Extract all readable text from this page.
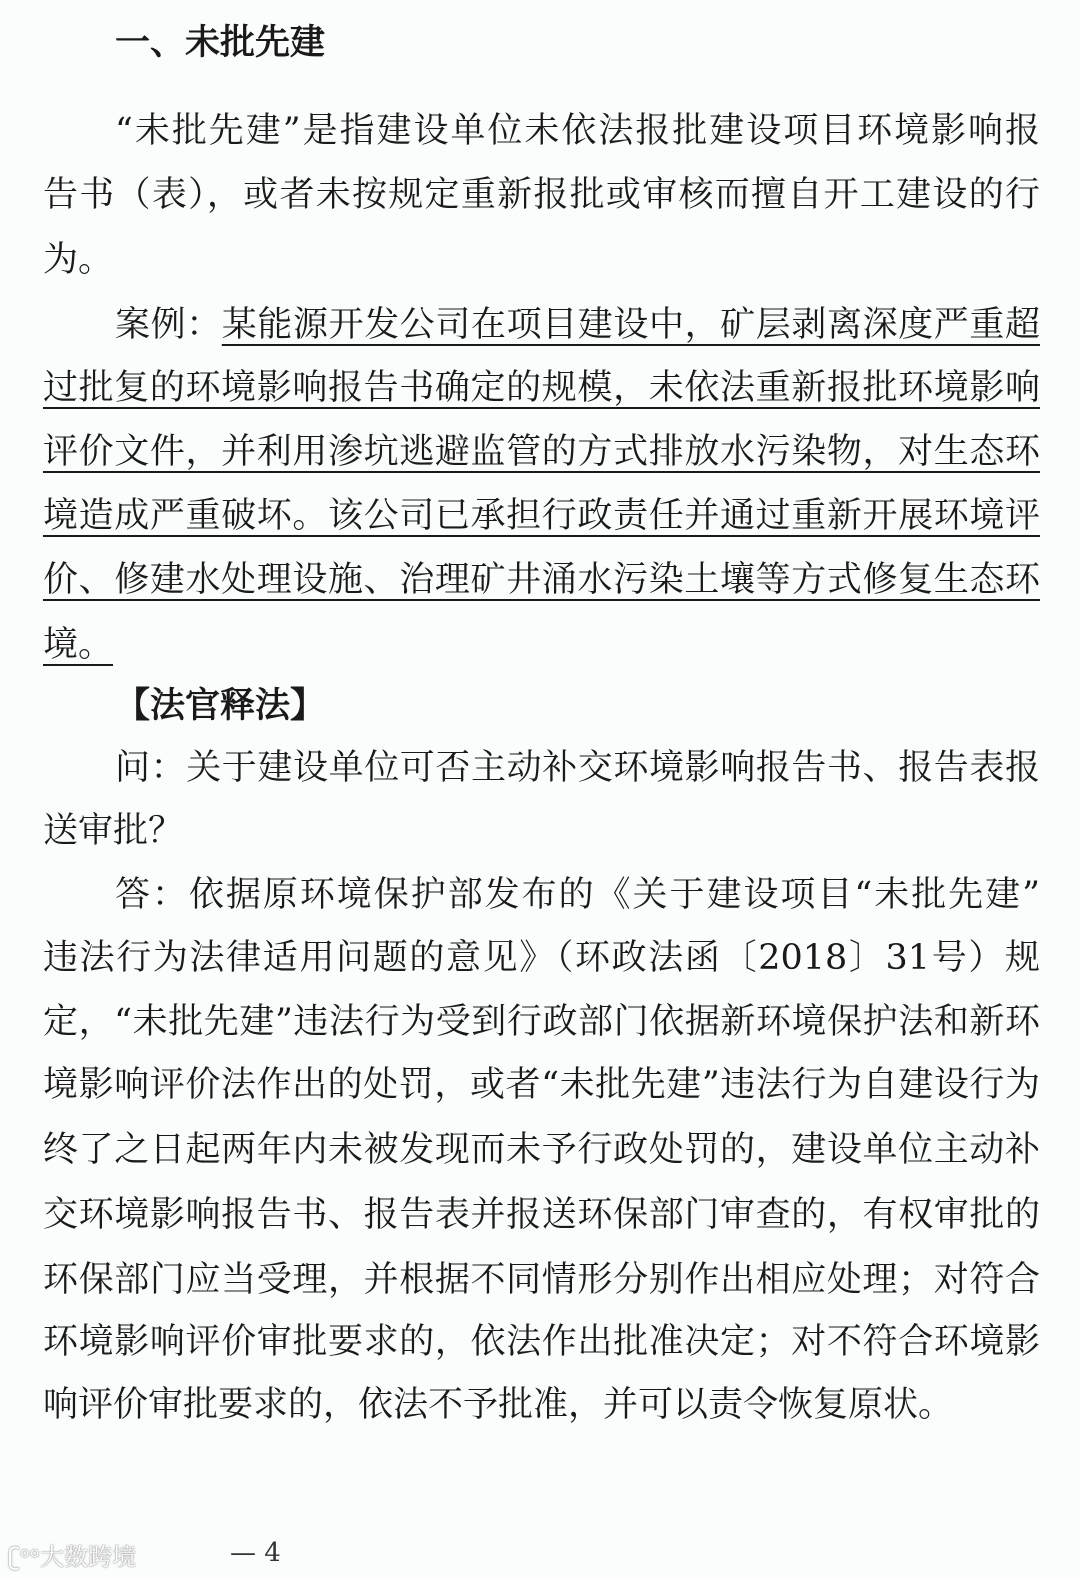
一、未批先建
“未批先建”是指建设单位未依法报批建设项目环境影响报
告书（表），或者未按规定重新报批或审核而擅自开工建设的行
为。
案例：某能源开发公司在项目建设中，矿层剥离深度严重超
过批复的环境影响报告书确定的规模，未依法重新报批环境影响
评价文件，并利用渗坑逃避监管的方式排放水污染物，对生态环
境造成严重破坏。该公司已承担行政责任并通过重新开展环境评
价、修建水处理设施、治理矿井涌水污染土壤等方式修复生态环
境。
【法官释法】
问：关于建设单位可否主动补交环境影响报告书、报告表报
送审批？
答：依据原环境保护部发布的《关于建设项目“未批先建”
违法行为法律适用问题的意见》（环政法函〔2018〕31号）规
定，“未批先建”违法行为受到行政部门依据新环境保护法和新环
境影响评价法作出的处罚，或者“未批先建”违法行为自建设行为
终了之日起两年内未被发现而未予行政处罚的，建设单位主动补
交环境影响报告书、报告表并报送环保部门审查的，有权审批的
环保部门应当受理，并根据不同情形分别作出相应处理；对符合
环境影响评价审批要求的，依法作出批准决定；对不符合环境影
响评价审批要求的，依法不予批准，并可以责令恢复原状。
ʗᵒᵒ大数跨境	— 4
